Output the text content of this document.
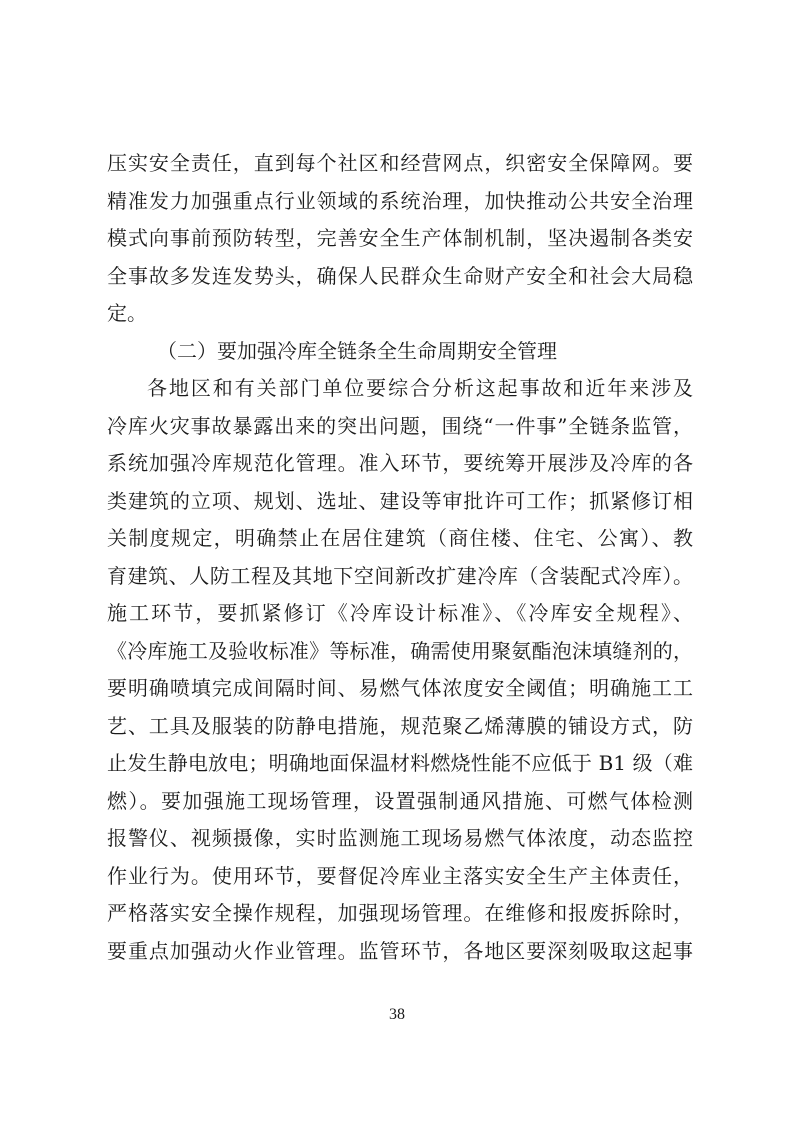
压实安全责任，直到每个社区和经营网点，织密安全保障网。要
精准发力加强重点行业领域的系统治理，加快推动公共安全治理
模式向事前预防转型，完善安全生产体制机制，坚决遏制各类安
全事故多发连发势头，确保人民群众生命财产安全和社会大局稳
定。
（二）要加强冷库全链条全生命周期安全管理
各地区和有关部门单位要综合分析这起事故和近年来涉及
冷库火灾事故暴露出来的突出问题，围绕“一件事”全链条监管，
系统加强冷库规范化管理。准入环节，要统筹开展涉及冷库的各
类建筑的立项、规划、选址、建设等审批许可工作；抓紧修订相
关制度规定，明确禁止在居住建筑（商住楼、住宅、公寓）、教
育建筑、人防工程及其地下空间新改扩建冷库（含装配式冷库）。
施工环节，要抓紧修订《冷库设计标准》、《冷库安全规程》、
《冷库施工及验收标准》等标准，确需使用聚氨酯泡沫填缝剂的，
要明确喷填完成间隔时间、易燃气体浓度安全阈值；明确施工工
艺、工具及服装的防静电措施，规范聚乙烯薄膜的铺设方式，防
止发生静电放电；明确地面保温材料燃烧性能不应低于 B1 级（难
燃）。要加强施工现场管理，设置强制通风措施、可燃气体检测
报警仪、视频摄像，实时监测施工现场易燃气体浓度，动态监控
作业行为。使用环节，要督促冷库业主落实安全生产主体责任，
严格落实安全操作规程，加强现场管理。在维修和报废拆除时，
要重点加强动火作业管理。监管环节，各地区要深刻吸取这起事
38
